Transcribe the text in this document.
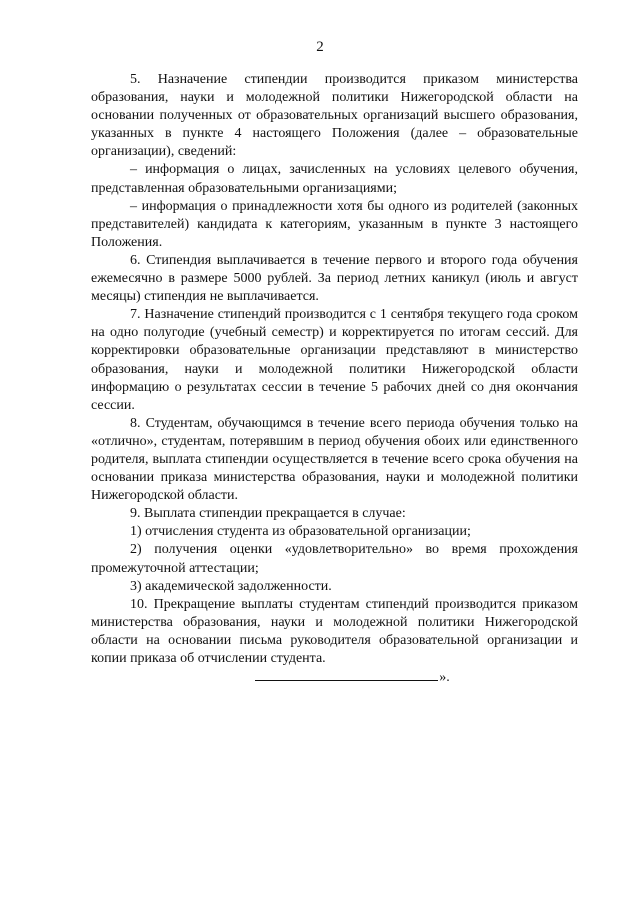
2

5. Назначение стипендии производится приказом министерства образования, науки и молодежной политики Нижегородской области на основании полученных от образовательных организаций высшего образования, указанных в пункте 4 настоящего Положения (далее – образовательные организации), сведений:

– информация о лицах, зачисленных на условиях целевого обучения, представленная образовательными организациями;

– информация о принадлежности хотя бы одного из родителей (законных представителей) кандидата к категориям, указанным в пункте 3 настоящего Положения.

6. Стипендия выплачивается в течение первого и второго года обучения ежемесячно в размере 5000 рублей. За период летних каникул (июль и август месяцы) стипендия не выплачивается.

7. Назначение стипендий производится с 1 сентября текущего года сроком на одно полугодие (учебный семестр) и корректируется по итогам сессий. Для корректировки образовательные организации представляют в министерство образования, науки и молодежной политики Нижегородской области информацию о результатах сессии в течение 5 рабочих дней со дня окончания сессии.

8. Студентам, обучающимся в течение всего периода обучения только на «отлично», студентам, потерявшим в период обучения обоих или единственного родителя, выплата стипендии осуществляется в течение всего срока обучения на основании приказа министерства образования, науки и молодежной политики Нижегородской области.

9. Выплата стипендии прекращается в случае:

1) отчисления студента из образовательной организации;

2) получения оценки «удовлетворительно» во время прохождения промежуточной аттестации;

3) академической задолженности.

10. Прекращение выплаты студентам стипендий производится приказом министерства образования, науки и молодежной политики Нижегородской области на основании письма руководителя образовательной организации и копии приказа об отчислении студента.

».
